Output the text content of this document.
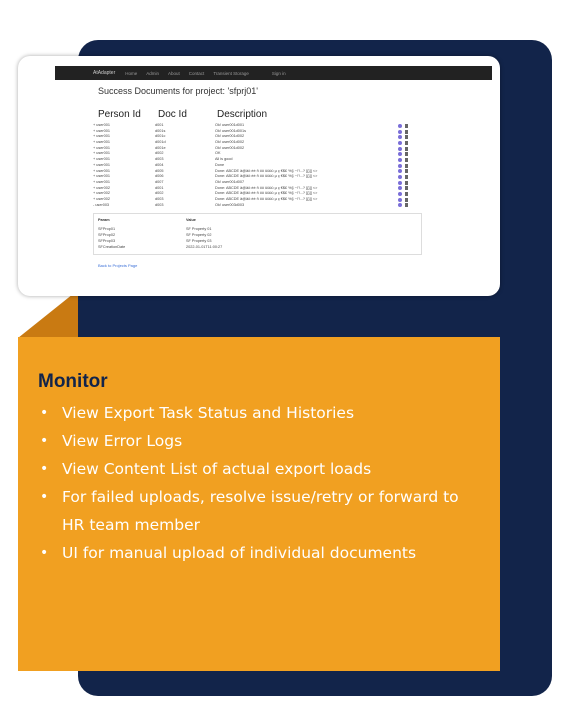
AtAdapter Home Admin About Contact Transient Storage	Sign in
Success Documents for project: 'sfprj01'
Person Id Doc Id	Description
+ user001	d001	Ok! user001d001
+ user001	d001s	Ok! user001d001s
+ user001	d001c	Ok! user001d002
+ user001	d001d	Ok! user001d002
+ user001	d001e	Ok! user001d002
+ user001	d002	OK
+ user001	d003	All is good
+ user001	d004	Done
+ user001	d005	Done: ABCDE ä@äö éè ñ öö üüüü µ ç €$£ %§ ~!'!...? [{}]] <>
+ user001	d006	Done: ABCDE ä@äö éè ñ öö üüüü µ ç €$£ %§ ~!'!...? [{}]] <>
+ user001	d007	Ok! user001d007
+ user002	d001	Done: ABCDE ä@äö éè ñ öö üüüü µ ç €$£ %§ ~!'!...? [{}]] <>
+ user002	d002	Done: ABCDE ä@äö éè ñ öö üüüü µ ç €$£ %§ ~!'!...? [{}]] <>
+ user002	d003	Done: ABCDE ä@äö éè ñ öö üüüü µ ç €$£ %§ ~!'!...? [{}]] <>
- user003	d003	Ok! user003d003
Param	Value
SFProp01	SF Property 01
SFProp02	SF Property 02
SFProp03	SF Property 03
SFCreationDate	2022-01-01T11:00:27
Back to Projects Page
Monitor
• View Export Task Status and Histories
• View Error Logs
• View Content List of actual export loads
• For failed uploads, resolve issue/retry or forward to HR team member
• UI for manual upload of individual documents
